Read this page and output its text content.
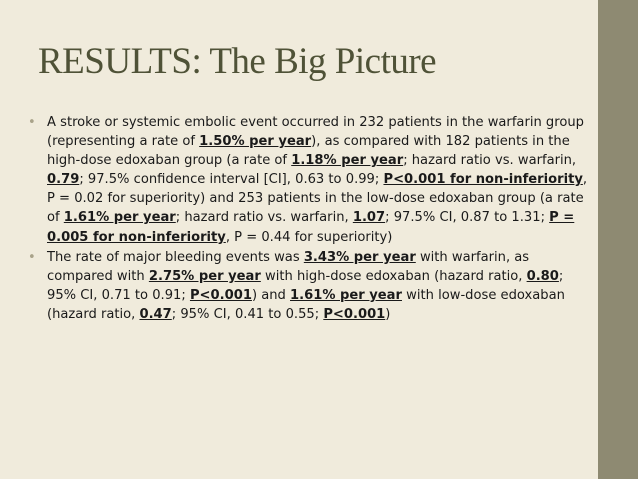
RESULTS: The Big Picture
• A stroke or systemic embolic event occurred in 232 patients in the warfarin group (representing a rate of 1.50% per year), as compared with 182 patients in the high-dose edoxaban group (a rate of 1.18% per year; hazard ratio vs. warfarin, 0.79; 97.5% confidence interval [CI], 0.63 to 0.99; P<0.001 for non-inferiority, P = 0.02 for superiority) and 253 patients in the low-dose edoxaban group (a rate of 1.61% per year; hazard ratio vs. warfarin, 1.07; 97.5% CI, 0.87 to 1.31; P = 0.005 for non-inferiority, P = 0.44 for superiority)
• The rate of major bleeding events was 3.43% per year with warfarin, as compared with 2.75% per year with high-dose edoxaban (hazard ratio, 0.80; 95% CI, 0.71 to 0.91; P<0.001) and 1.61% per year with low-dose edoxaban (hazard ratio, 0.47; 95% CI, 0.41 to 0.55; P<0.001)
